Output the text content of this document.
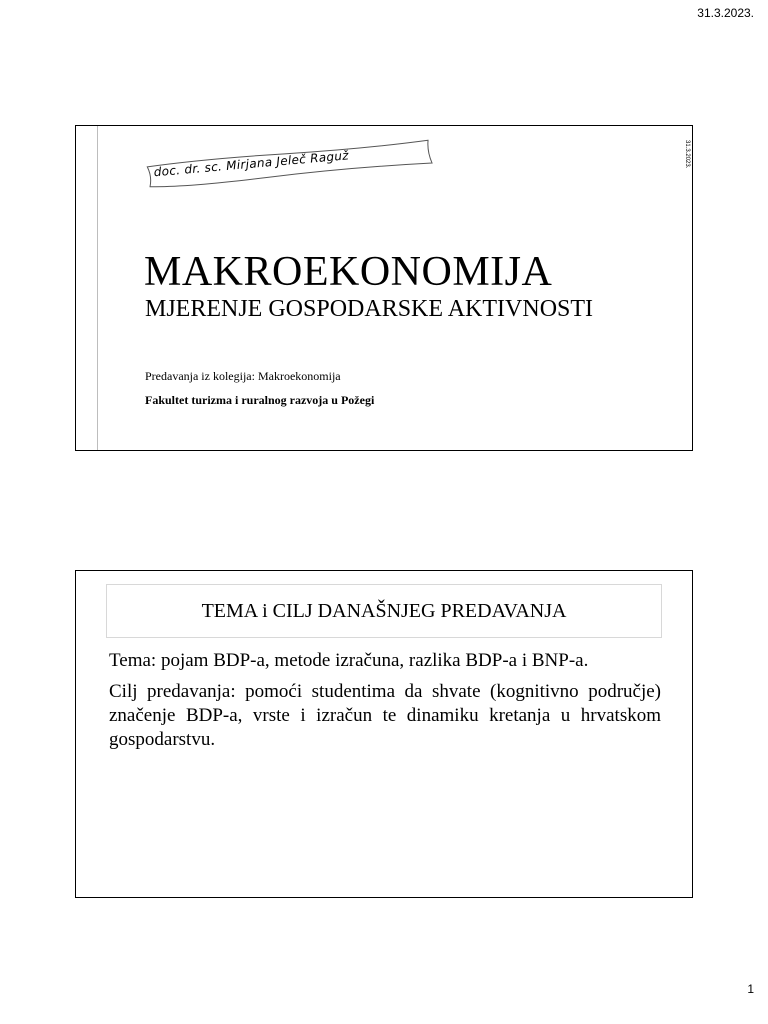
31.3.2023.
31.3.2023.
doc. dr. sc. Mirjana Jelеč Raguž
MAKROEKONOMIJA
MJERENJE GOSPODARSKE AKTIVNOSTI
Predavanja iz kolegija: Makroekonomija
Fakultet turizma i ruralnog razvoja u Požegi
TEMA i CILJ DANAŠNJEG PREDAVANJA

Tema: pojam BDP-a, metode izračuna, razlika BDP-a i BNP-a.

Cilj predavanja: pomoći studentima da shvate (kognitivno područje) značenje BDP-a, vrste i izračun te dinamiku kretanja u hrvatskom gospodarstvu.

1
